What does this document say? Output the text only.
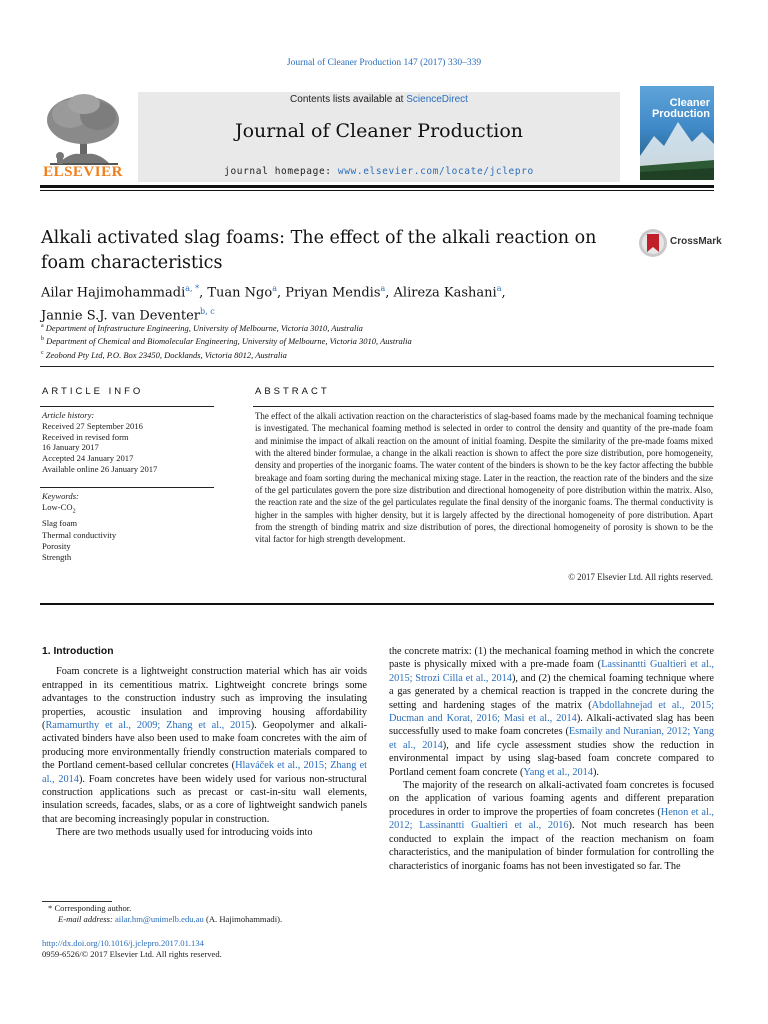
Journal of Cleaner Production 147 (2017) 330–339
ELSEVIER
Contents lists available at ScienceDirect
Journal of Cleaner Production
journal homepage: www.elsevier.com/locate/jclepro
Cleaner
Production
Alkali activated slag foams: The effect of the alkali reaction on foam characteristics
CrossMark
Ailar Hajimohammadi$^{a, *}$, Tuan Ngo$^a$, Priyan Mendis$^a$, Alireza Kashani$^a$,
Jannie S.J. van Deventer$^{b, c}$
$^a$ Department of Infrastructure Engineering, University of Melbourne, Victoria 3010, Australia
$^b$ Department of Chemical and Biomolecular Engineering, University of Melbourne, Victoria 3010, Australia
$^c$ Zeobond Pty Ltd, P.O. Box 23450, Docklands, Victoria 8012, Australia
ARTICLE INFO	ABSTRACT
Article history:
Received 27 September 2016
Received in revised form
16 January 2017
Accepted 24 January 2017
Available online 26 January 2017
Keywords:
Low-$CO_2$
Slag foam
Thermal conductivity
Porosity
Strength

The effect of the alkali activation reaction on the characteristics of slag-based foams made by the mechanical foaming technique is investigated. The mechanical foaming method is selected in order to control the density and quantity of the pre-made foam and minimise the impact of alkali reaction on the amount of initial foaming. Despite the similarity of the pre-made foams mixed with the altered binder formulae, a change in the alkali reaction is shown to affect the pore size distribution, pore homogeneity, density and properties of the inorganic foams. The water content of the binders is shown to be the key factor affecting the bubble breakage and foam sorting during the mechanical mixing stage. Later in the reaction, the reaction rate of the binders and the size of the gel particulates govern the pore size distribution and directional homogeneity of pore distribution within the matrix. Also, the reaction rate and the size of the gel particulates regulate the final density of the inorganic foams. The thermal conductivity is higher in the samples with higher density, but it is largely affected by the directional homogeneity of pore distribution. Apart from the strength of binding matrix and size distribution of pores, the directional homogeneity of porosity is shown to be the vital factor for high strength development.

© 2017 Elsevier Ltd. All rights reserved.
1. Introduction

Foam concrete is a lightweight construction material which has air voids entrapped in its cementitious matrix. Lightweight concrete brings some advantages to the construction industry such as improving the insulating properties, acoustic insulation and improving housing affordability (Ramamurthy et al., 2009; Zhang et al., 2015). Geopolymer and alkali-activated binders have also been used to make foam concretes with the aim of producing more environmentally friendly construction materials compared to the Portland cement-based cellular concretes (Hlaváček et al., 2015; Zhang et al., 2014). Foam concretes have been widely used for various non-structural construction applications such as precast or cast-in-situ wall elements, insulation screeds, facades, slabs, or as a core of lightweight sandwich panels that are becoming increasingly popular in construction.

There are two methods usually used for introducing voids into

the concrete matrix: (1) the mechanical foaming method in which the concrete paste is physically mixed with a pre-made foam (Lassinantti Gualtieri et al., 2015; Strozi Cilla et al., 2014), and (2) the chemical foaming technique where a gas generated by a chemical reaction is trapped in the concrete during the setting and hardening stages of the matrix (Abdollahnejad et al., 2015; Ducman and Korat, 2016; Masi et al., 2014). Alkali-activated slag has been successfully used to make foam concretes (Esmaily and Nuranian, 2012; Yang et al., 2014), and life cycle assessment studies show the reduction in environmental impact by using slag-based foam concrete compared to Portland cement foam concrete (Yang et al., 2014).

The majority of the research on alkali-activated foam concretes is focused on the application of various foaming agents and different preparation procedures in order to improve the properties of foam concretes (Henon et al., 2012; Lassinantti Gualtieri et al., 2016). Not much research has been conducted to explain the impact of the reaction mechanism on foam characteristics, and the manipulation of binder formulation for controlling the characteristics of inorganic foams has not been investigated so far. The

* Corresponding author.
E-mail address: ailar.hm@unimelb.edu.au (A. Hajimohammadi).
http://dx.doi.org/10.1016/j.jclepro.2017.01.134
0959-6526/© 2017 Elsevier Ltd. All rights reserved.
